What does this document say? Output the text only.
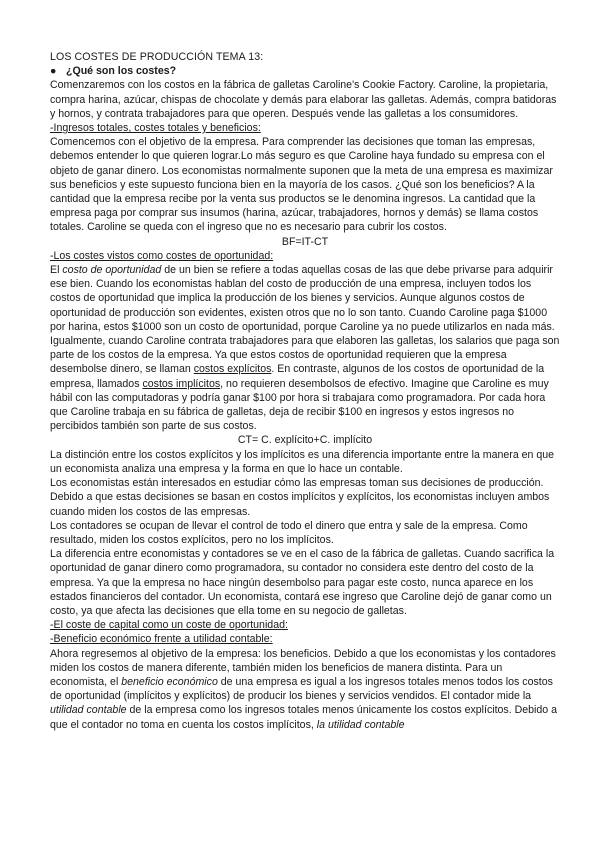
LOS COSTES DE PRODUCCIÓN TEMA 13:

● ¿Qué son los costes?

Comenzaremos con los costos en la fábrica de galletas Caroline's Cookie Factory. Caroline, la propietaria, compra harina, azúcar, chispas de chocolate y demás para elaborar las galletas. Además, compra batidoras y hornos, y contrata trabajadores para que operen. Después vende las galletas a los consumidores.

-Ingresos totales, costes totales y beneficios:

Comencemos con el objetivo de la empresa. Para comprender las decisiones que toman las empresas, debemos entender lo que quieren lograr.Lo más seguro es que Caroline haya fundado su empresa con el objeto de ganar dinero. Los economistas normalmente suponen que la meta de una empresa es maximizar sus beneficios y este supuesto funciona bien en la mayoría de los casos. ¿Qué son los beneficios? A la cantidad que la empresa recibe por la venta sus productos se le denomina ingresos. La cantidad que la empresa paga por comprar sus insumos (harina, azúcar, trabajadores, hornos y demás) se llama costos totales. Caroline se queda con el ingreso que no es necesario para cubrir los costos.

BF=IT-CT

-Los costes vistos como costes de oportunidad:

El costo de oportunidad de un bien se refiere a todas aquellas cosas de las que debe privarse para adquirir ese bien. Cuando los economistas hablan del costo de producción de una empresa, incluyen todos los costos de oportunidad que implica la producción de los bienes y servicios. Aunque algunos costos de oportunidad de producción son evidentes, existen otros que no lo son tanto. Cuando Caroline paga $1000 por harina, estos $1000 son un costo de oportunidad, porque Caroline ya no puede utilizarlos en nada más. Igualmente, cuando Caroline contrata trabajadores para que elaboren las galletas, los salarios que paga son parte de los costos de la empresa. Ya que estos costos de oportunidad requieren que la empresa desembolse dinero, se llaman costos explícitos. En contraste, algunos de los costos de oportunidad de la empresa, llamados costos implícitos, no requieren desembolsos de efectivo. Imagine que Caroline es muy hábil con las computadoras y podría ganar $100 por hora si trabajara como programadora. Por cada hora que Caroline trabaja en su fábrica de galletas, deja de recibir $100 en ingresos y estos ingresos no percibidos también son parte de sus costos.

CT= C. explícito+C. implícito

La distinción entre los costos explícitos y los implícitos es una diferencia importante entre la manera en que un economista analiza una empresa y la forma en que lo hace un contable.

Los economistas están interesados en estudiar cómo las empresas toman sus decisiones de producción. Debido a que estas decisiones se basan en costos implícitos y explícitos, los economistas incluyen ambos cuando miden los costos de las empresas.

Los contadores se ocupan de llevar el control de todo el dinero que entra y sale de la empresa. Como resultado, miden los costos explícitos, pero no los implícitos.

La diferencia entre economistas y contadores se ve en el caso de la fábrica de galletas. Cuando sacrifica la oportunidad de ganar dinero como programadora, su contador no considera este dentro del costo de la empresa. Ya que la empresa no hace ningún desembolso para pagar este costo, nunca aparece en los estados financieros del contador. Un economista, contará ese ingreso que Caroline dejó de ganar como un costo, ya que afecta las decisiones que ella tome en su negocio de galletas.

-El coste de capital como un coste de oportunidad:

-Beneficio económico frente a utilidad contable:

Ahora regresemos al objetivo de la empresa: los beneficios. Debido a que los economistas y los contadores miden los costos de manera diferente, también miden los beneficios de manera distinta. Para un economista, el beneficio económico de una empresa es igual a los ingresos totales menos todos los costos de oportunidad (implícitos y explícitos) de producir los bienes y servicios vendidos. El contador mide la utilidad contable de la empresa como los ingresos totales menos únicamente los costos explícitos. Debido a que el contador no toma en cuenta los costos implícitos, la utilidad contable
